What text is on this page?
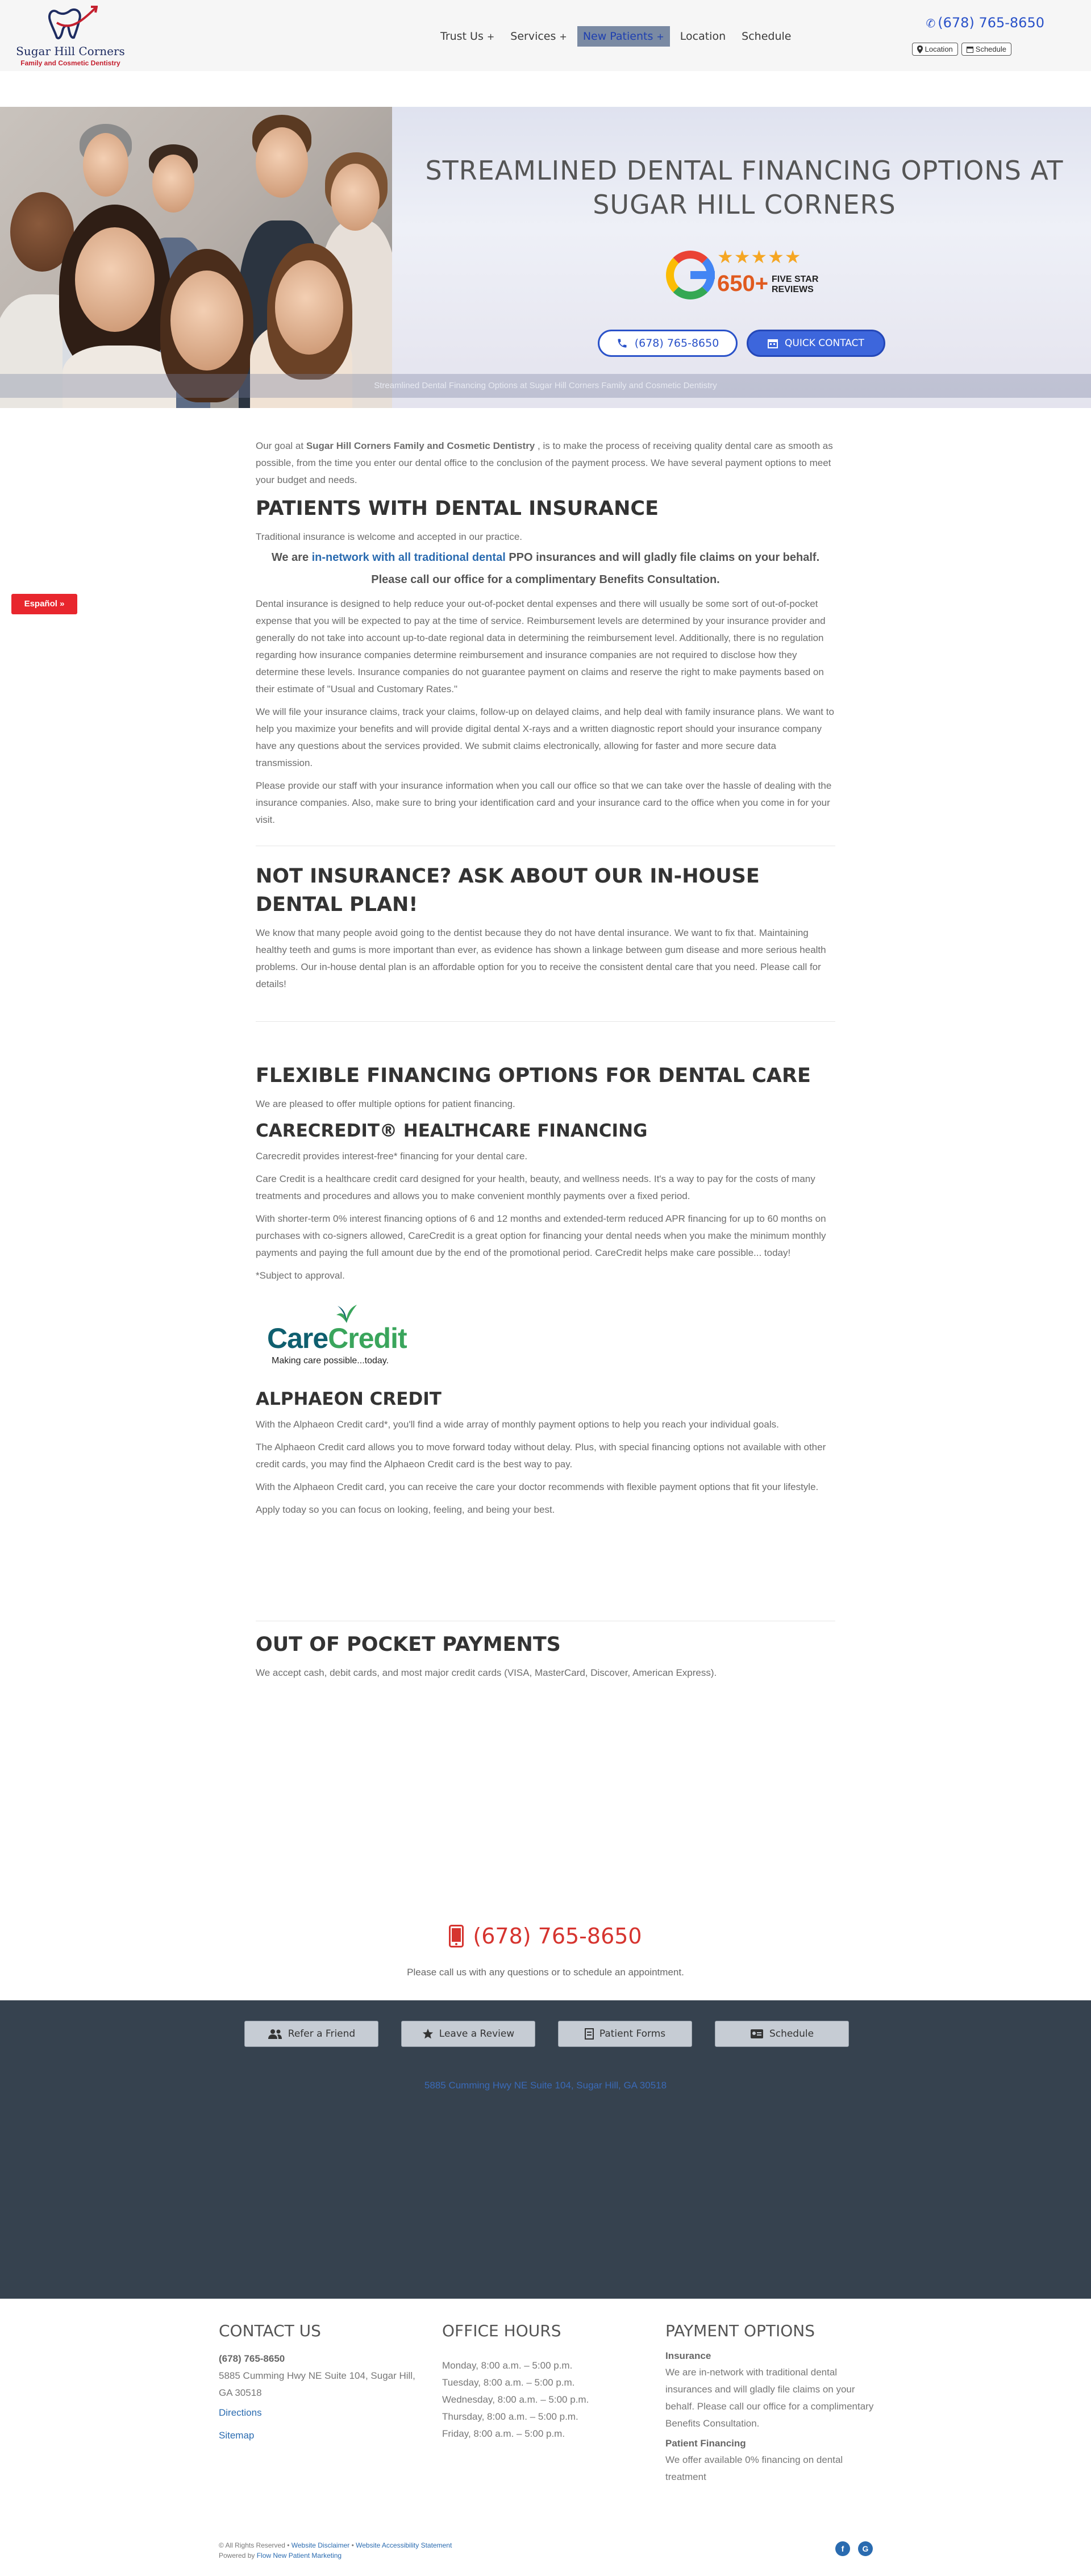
Sugar Hill Corners
Family and Cosmetic Dentistry
Trust Us + Services + New Patients + Location Schedule
✆ (678) 765-8650
Location	Schedule
STREAMLINED DENTAL FINANCING OPTIONS AT
SUGAR HILL CORNERS
★★★★★
650+ FIVE STAR
REVIEWS
(678) 765-8650	QUICK CONTACT
Streamlined Dental Financing Options at Sugar Hill Corners Family and Cosmetic Dentistry
Español »

Our goal at Sugar Hill Corners Family and Cosmetic Dentistry , is to make the process of receiving quality dental care as smooth as possible, from the time you enter our dental office to the conclusion of the payment process. We have several payment options to meet your budget and needs.

PATIENTS WITH DENTAL INSURANCE

Traditional insurance is welcome and accepted in our practice.

We are in-network with all traditional dental PPO insurances and will gladly file claims on your behalf.
Please call our office for a complimentary Benefits Consultation.

Dental insurance is designed to help reduce your out-of-pocket dental expenses and there will usually be some sort of out-of-pocket expense that you will be expected to pay at the time of service. Reimbursement levels are determined by your insurance provider and generally do not take into account up-to-date regional data in determining the reimbursement level. Additionally, there is no regulation regarding how insurance companies determine reimbursement and insurance companies are not required to disclose how they determine these levels. Insurance companies do not guarantee payment on claims and reserve the right to make payments based on their estimate of "Usual and Customary Rates."

We will file your insurance claims, track your claims, follow-up on delayed claims, and help deal with family insurance plans. We want to help you maximize your benefits and will provide digital dental X-rays and a written diagnostic report should your insurance company have any questions about the services provided. We submit claims electronically, allowing for faster and more secure data transmission.

Please provide our staff with your insurance information when you call our office so that we can take over the hassle of dealing with the insurance companies. Also, make sure to bring your identification card and your insurance card to the office when you come in for your visit.

NOT INSURANCE? ASK ABOUT OUR IN-HOUSE DENTAL PLAN!

We know that many people avoid going to the dentist because they do not have dental insurance. We want to fix that. Maintaining healthy teeth and gums is more important than ever, as evidence has shown a linkage between gum disease and more serious health problems. Our in-house dental plan is an affordable option for you to receive the consistent dental care that you need. Please call for details!

FLEXIBLE FINANCING OPTIONS FOR DENTAL CARE

We are pleased to offer multiple options for patient financing.

CARECREDIT® HEALTHCARE FINANCING

Carecredit provides interest-free* financing for your dental care.

Care Credit is a healthcare credit card designed for your health, beauty, and wellness needs. It's a way to pay for the costs of many treatments and procedures and allows you to make convenient monthly payments over a fixed period.

With shorter-term 0% interest financing options of 6 and 12 months and extended-term reduced APR financing for up to 60 months on purchases with co-signers allowed, CareCredit is a great option for financing your dental needs when you make the minimum monthly payments and paying the full amount due by the end of the promotional period. CareCredit helps make care possible... today!

*Subject to approval.

CareCredit
Making care possible...today.
ALPHAEON CREDIT

With the Alphaeon Credit card*, you'll find a wide array of monthly payment options to help you reach your individual goals.

The Alphaeon Credit card allows you to move forward today without delay. Plus, with special financing options not available with other credit cards, you may find the Alphaeon Credit card is the best way to pay.

With the Alphaeon Credit card, you can receive the care your doctor recommends with flexible payment options that fit your lifestyle.

Apply today so you can focus on looking, feeling, and being your best.

OUT OF POCKET PAYMENTS

We accept cash, debit cards, and most major credit cards (VISA, MasterCard, Discover, American Express).

(678) 765-8650
Please call us with any questions or to schedule an appointment.
Refer a Friend	Leave a Review	Patient Forms	Schedule
5885 Cumming Hwy NE Suite 104, Sugar Hill, GA 30518
CONTACT US
(678) 765-8650
5885 Cumming Hwy NE Suite 104, Sugar Hill, GA 30518
Directions
Sitemap
OFFICE HOURS
Monday, 8:00 a.m. – 5:00 p.m.
Tuesday, 8:00 a.m. – 5:00 p.m.
Wednesday, 8:00 a.m. – 5:00 p.m.
Thursday, 8:00 a.m. – 5:00 p.m.
Friday, 8:00 a.m. – 5:00 p.m.
PAYMENT OPTIONS
Insurance
We are in-network with traditional dental insurances and will gladly file claims on your behalf. Please call our office for a complimentary Benefits Consultation.
Patient Financing
We offer available 0% financing on dental treatment
© All Rights Reserved • Website Disclaimer • Website Accessibility Statement
Powered by Flow New Patient Marketing
f	G
